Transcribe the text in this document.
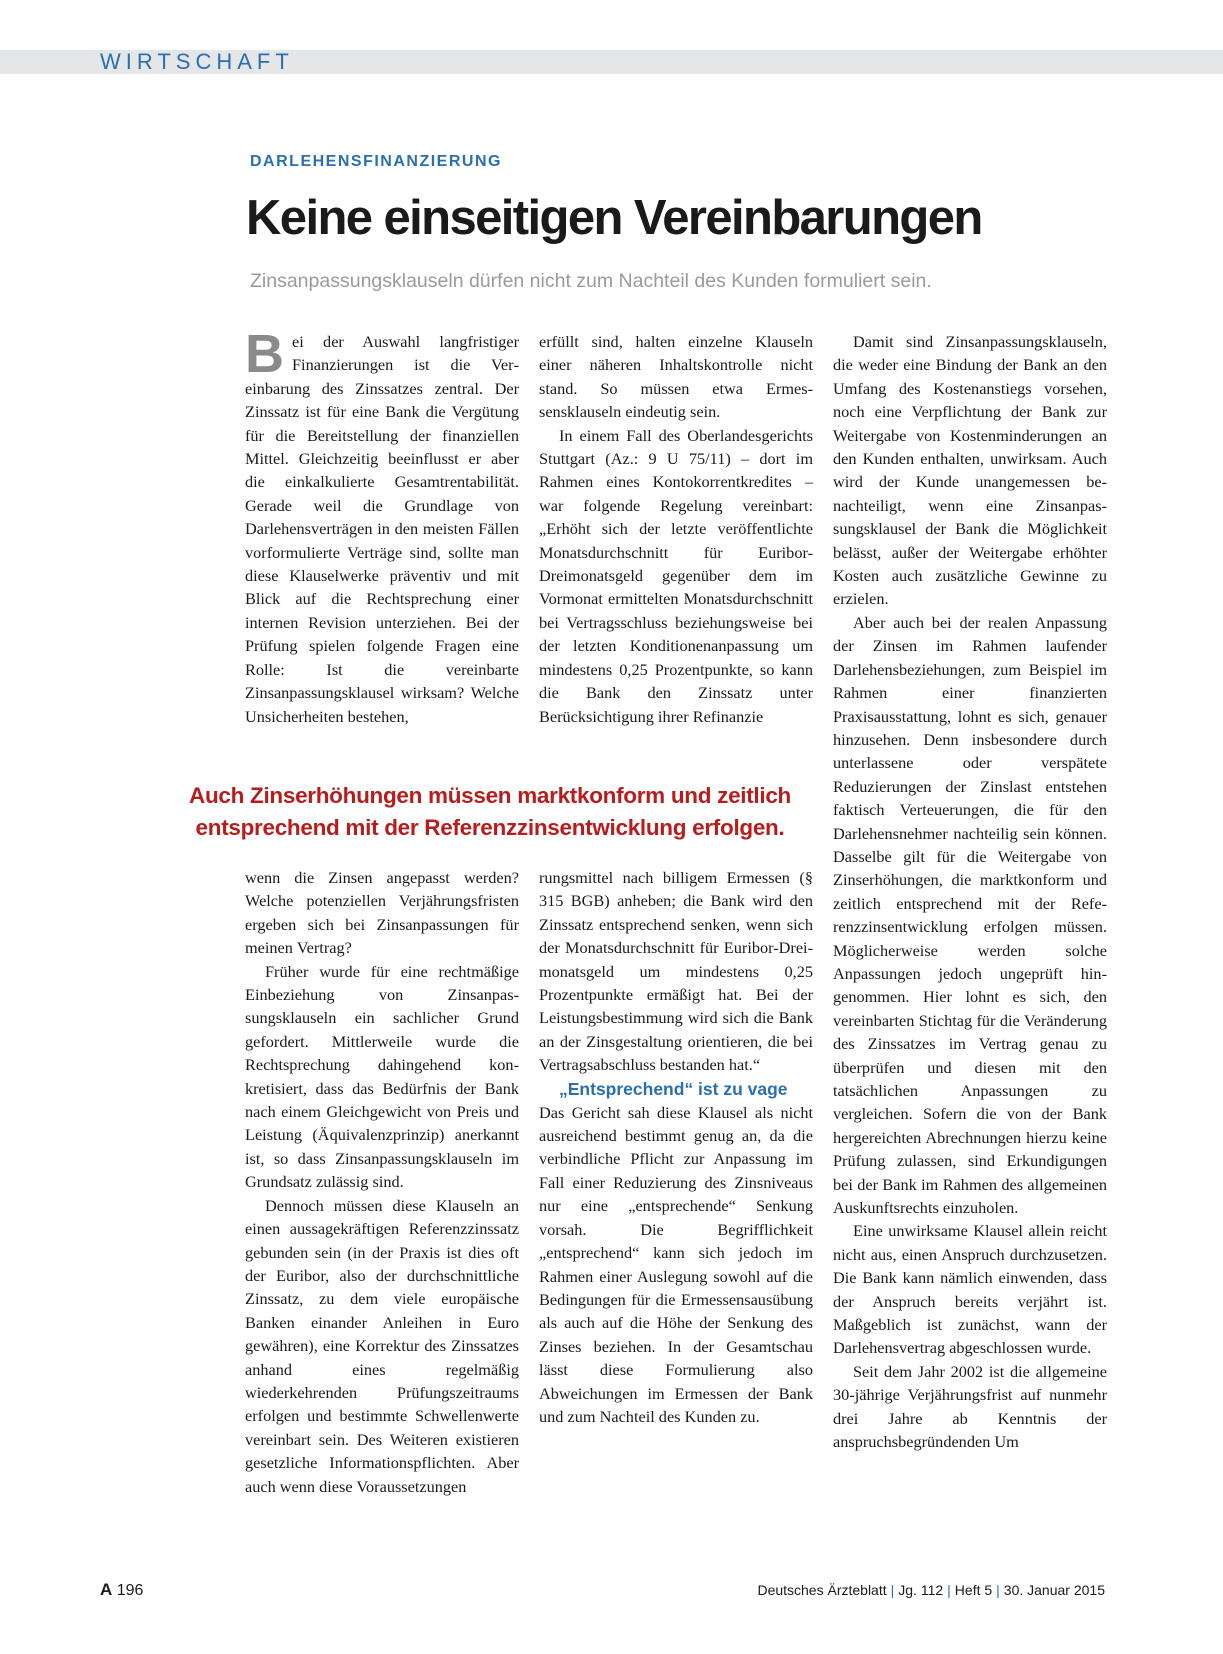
WIRTSCHAFT
DARLEHENSFINANZIERUNG
Keine einseitigen Vereinbarungen
Zinsanpassungsklauseln dürfen nicht zum Nachteil des Kunden formuliert sein.

Bei der Auswahl langfristiger Finanzierungen ist die Vereinbarung des Zinssatzes zentral. Der Zinssatz ist für eine Bank die Vergütung für die Bereitstellung der finanziellen Mittel. Gleichzeitig beeinflusst er aber die einkalkulierte Gesamtrentabilität. Gerade weil die Grundlage von Darlehensverträgen in den meisten Fällen vorformulierte Verträge sind, sollte man diese Klauselwerke präventiv und mit Blick auf die Rechtsprechung einer internen Revision unterziehen. Bei der Prüfung spielen folgende Fragen eine Rolle: Ist die vereinbarte Zinsanpassungsklausel wirksam? Welche Unsicherheiten bestehen,

erfüllt sind, halten einzelne Klauseln einer näheren Inhaltskontrolle nicht stand. So müssen etwa Ermessensklauseln eindeutig sein.

In einem Fall des Oberlandesgerichts Stuttgart (Az.: 9 U 75/11) – dort im Rahmen eines Kontokorrentkredites – war folgende Regelung vereinbart: „Erhöht sich der letzte veröffentlichte Monatsdurchschnitt für Euribor-Dreimonatsgeld gegenüber dem im Vormonat ermittelten Monatsdurchschnitt bei Vertragsschluss beziehungsweise bei der letzten Konditionenanpassung um mindestens 0,25 Prozentpunkte, so kann die Bank den Zinssatz unter Berücksichtigung ihrer Refinanzie

Auch Zinserhöhungen müssen marktkonform und zeitlich
entsprechend mit der Referenzzinsentwicklung erfolgen.

wenn die Zinsen angepasst werden? Welche potenziellen Verjährungsfristen ergeben sich bei Zinsanpassungen für meinen Vertrag?

Früher wurde für eine rechtmäßige Einbeziehung von Zinsanpassungsklauseln ein sachlicher Grund gefordert. Mittlerweile wurde die Rechtsprechung dahingehend konkretisiert, dass das Bedürfnis der Bank nach einem Gleichgewicht von Preis und Leistung (Äquivalenzprinzip) anerkannt ist, so dass Zinsanpassungsklauseln im Grundsatz zulässig sind.

Dennoch müssen diese Klauseln an einen aussagekräftigen Referenzzinssatz gebunden sein (in der Praxis ist dies oft der Euribor, also der durchschnittliche Zinssatz, zu dem viele europäische Banken einander Anleihen in Euro gewähren), eine Korrektur des Zinssatzes anhand eines regelmäßig wiederkehrenden Prüfungszeitraums erfolgen und bestimmte Schwellenwerte vereinbart sein. Des Weiteren existieren gesetzliche Informationspflichten. Aber auch wenn diese Voraussetzungen

rungsmittel nach billigem Ermessen (§ 315 BGB) anheben; die Bank wird den Zinssatz entsprechend senken, wenn sich der Monatsdurchschnitt für Euribor-Dreimonatsgeld um mindestens 0,25 Prozentpunkte ermäßigt hat. Bei der Leistungsbestimmung wird sich die Bank an der Zinsgestaltung orientieren, die bei Vertragsabschluss bestanden hat.“

„Entsprechend“ ist zu vage

Das Gericht sah diese Klausel als nicht ausreichend bestimmt genug an, da die verbindliche Pflicht zur Anpassung im Fall einer Reduzierung des Zinsniveaus nur eine „entsprechende“ Senkung vorsah. Die Begrifflichkeit „entsprechend“ kann sich jedoch im Rahmen einer Auslegung sowohl auf die Bedingungen für die Ermessensausübung als auch auf die Höhe der Senkung des Zinses beziehen. In der Gesamtschau lässt diese Formulierung also Abweichungen im Ermessen der Bank und zum Nachteil des Kunden zu.

Damit sind Zinsanpassungsklauseln, die weder eine Bindung der Bank an den Umfang des Kostenanstiegs vorsehen, noch eine Verpflichtung der Bank zur Weitergabe von Kostenminderungen an den Kunden enthalten, unwirksam. Auch wird der Kunde unangemessen benachteiligt, wenn eine Zinsanpassungsklausel der Bank die Möglichkeit belässt, außer der Weitergabe erhöhter Kosten auch zusätzliche Gewinne zu erzielen.

Aber auch bei der realen Anpassung der Zinsen im Rahmen laufender Darlehensbeziehungen, zum Beispiel im Rahmen einer finanzierten Praxisausstattung, lohnt es sich, genauer hinzusehen. Denn insbesondere durch unterlassene oder verspätete Reduzierungen der Zinslast entstehen faktisch Verteuerungen, die für den Darlehensnehmer nachteilig sein können. Dasselbe gilt für die Weitergabe von Zinserhöhungen, die marktkonform und zeitlich entsprechend mit der Referenzzinsentwicklung erfolgen müssen. Möglicherweise werden solche Anpassungen jedoch ungeprüft hingenommen. Hier lohnt es sich, den vereinbarten Stichtag für die Veränderung des Zinssatzes im Vertrag genau zu überprüfen und diesen mit den tatsächlichen Anpassungen zu vergleichen. Sofern die von der Bank hergereichten Abrechnungen hierzu keine Prüfung zulassen, sind Erkundigungen bei der Bank im Rahmen des allgemeinen Auskunftsrechts einzuholen.

Eine unwirksame Klausel allein reicht nicht aus, einen Anspruch durchzusetzen. Die Bank kann nämlich einwenden, dass der Anspruch bereits verjährt ist. Maßgeblich ist zunächst, wann der Darlehensvertrag abgeschlossen wurde.

Seit dem Jahr 2002 ist die allgemeine 30-jährige Verjährungsfrist auf nunmehr drei Jahre ab Kenntnis der anspruchsbegründenden Um

A 196	Deutsches Ärzteblatt | Jg. 112 | Heft 5 | 30. Januar 2015
